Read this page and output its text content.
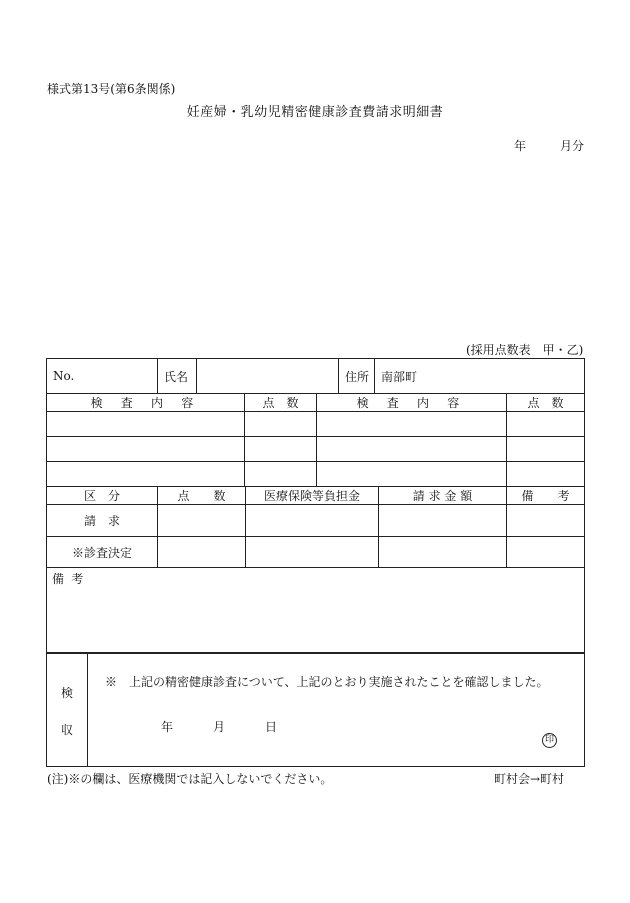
様式第13号(第6条関係)
妊産婦・乳幼児精密健康診査費請求明細書
年	月分
(採用点数表　甲・乙)
No.	氏名		住所	南部町
検 査 内 容	点　数	検 査 内 容	点　数

区　分	点　　数	医療保険等負担金	請 求 金 額	備　　考
請　求				
※診査決定				
備考
検
収
※　上記の精密健康診査について、上記のとおり実施されたことを確認しました。
年	月	日
印
(注)※の欄は、医療機関では記入しないでください。	町村会→町村
